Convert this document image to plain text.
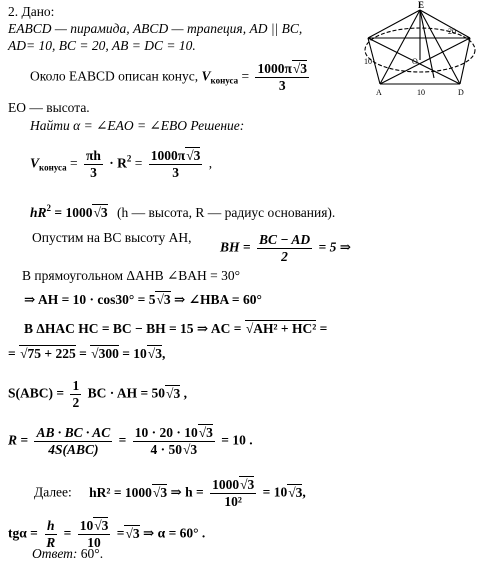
2. Дано:
EABCD — пирамида, ABCD — трапеция, AD || BC,
AD= 10, BC = 20, AB = DC = 10.
Около EABCD описан конус, $V_{конуса} = \frac{1000\pi√ 3}{3}$
EO — высота.
Найти α = ∠EAO = ∠EBO Решение:
E
20
10
A
O
10	D
$V_{конуса} = \frac{\pi h}{3} \cdot R^2 = \frac{1000\pi√ 3}{3}$ ,
$hR^2 = 1000√$ 3 (h — высота, R — радиус основания).
Опустим на BC высоту AH,
BH = $\frac{BC - AD}{2} = 5$ ⇒
В прямоугольном ΔAHB ∠BAH = 30°
⇒ AH = 10 · cos30° = 5√ 3 ⇒ ∠HBA = 60°
В ΔHAC HC = BC − BH = 15 ⇒ AC = √ AH² + HC² =
= √ 75 + 225 = √ 300 = 10√ 3,
$S(ABC) = \frac{1}{2}$ BC · AH = 50√ 3 ,
$R = \frac{AB \cdot BC \cdot AC}{\text{4S(ABC)}} = \frac{10 \cdot 20 \cdot 10√ 3}{4 \cdot 50√ 3} = 10$ .
Далее: hR² = 1000√ 3 ⇒ $h = \frac{1000√ 3}{\text{10²}} = 10√$ 3,
$tg\alpha = \frac{h}{R} = \frac{10√ 3}{10}$ =√ 3 ⇒ α = 60° .
Ответ: 60°.
